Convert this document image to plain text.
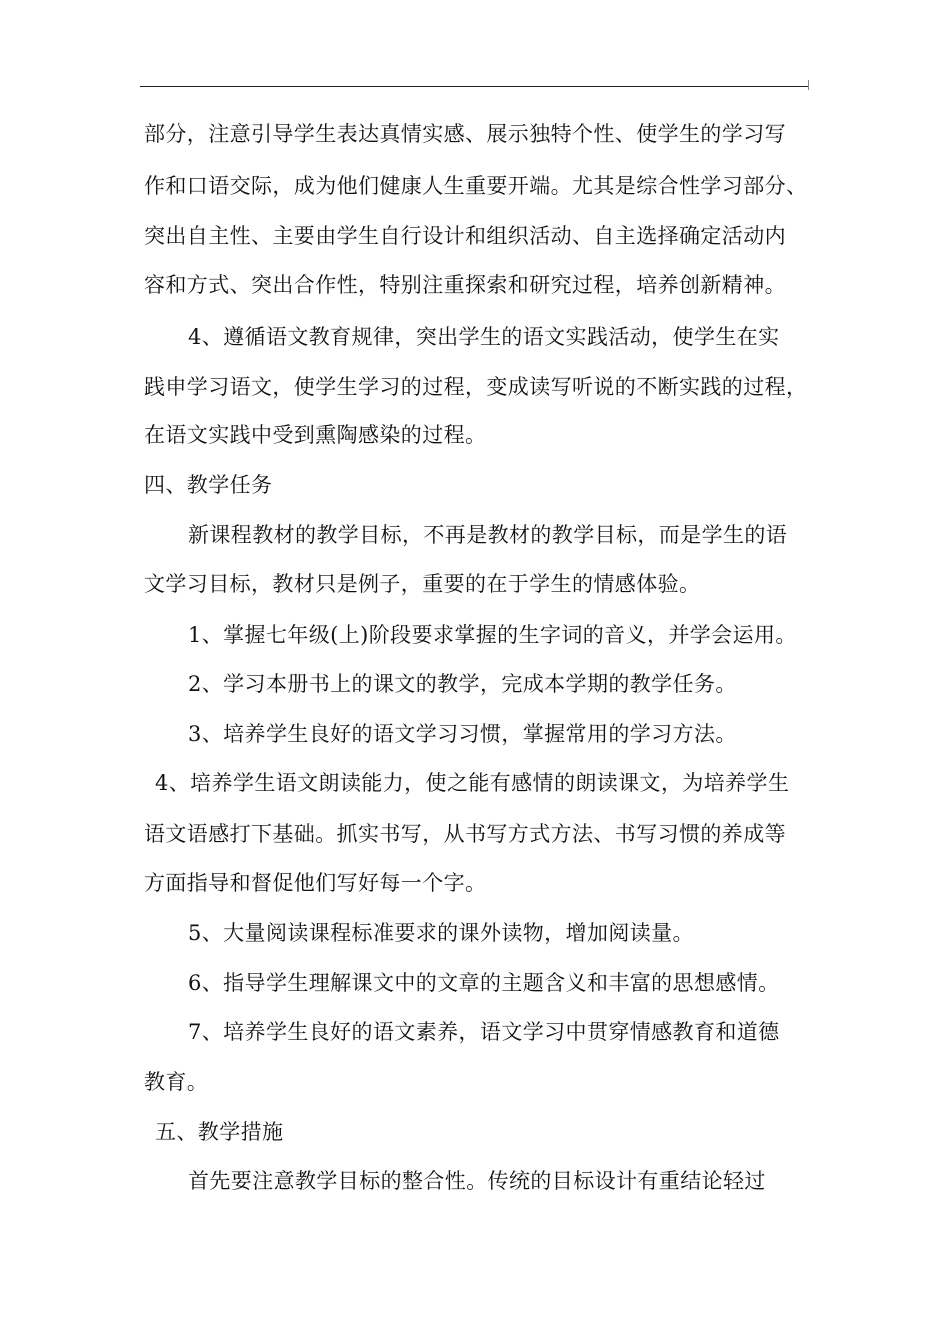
部分，注意引导学生表达真情实感、展示独特个性、使学生的学习写
作和口语交际，成为他们健康人生重要开端。尤其是综合性学习部分、
突出自主性、主要由学生自行设计和组织活动、自主选择确定活动内
容和方式、突出合作性，特别注重探索和研究过程，培养创新精神。
4、遵循语文教育规律，突出学生的语文实践活动，使学生在实
践申学习语文，使学生学习的过程，变成读写听说的不断实践的过程，
在语文实践中受到熏陶感染的过程。
四、教学任务
新课程教材的教学目标，不再是教材的教学目标，而是学生的语
文学习目标，教材只是例子，重要的在于学生的情感体验。
1、掌握七年级(上)阶段要求掌握的生字词的音义，并学会运用。
2、学习本册书上的课文的教学，完成本学期的教学任务。
3、培养学生良好的语文学习习惯，掌握常用的学习方法。
4、培养学生语文朗读能力，使之能有感情的朗读课文，为培养学生
语文语感打下基础。抓实书写，从书写方式方法、书写习惯的养成等
方面指导和督促他们写好每一个字。
5、大量阅读课程标准要求的课外读物，增加阅读量。
6、指导学生理解课文中的文章的主题含义和丰富的思想感情。
7、培养学生良好的语文素养，语文学习中贯穿情感教育和道德
教育。
五、教学措施
首先要注意教学目标的整合性。传统的目标设计有重结论轻过
